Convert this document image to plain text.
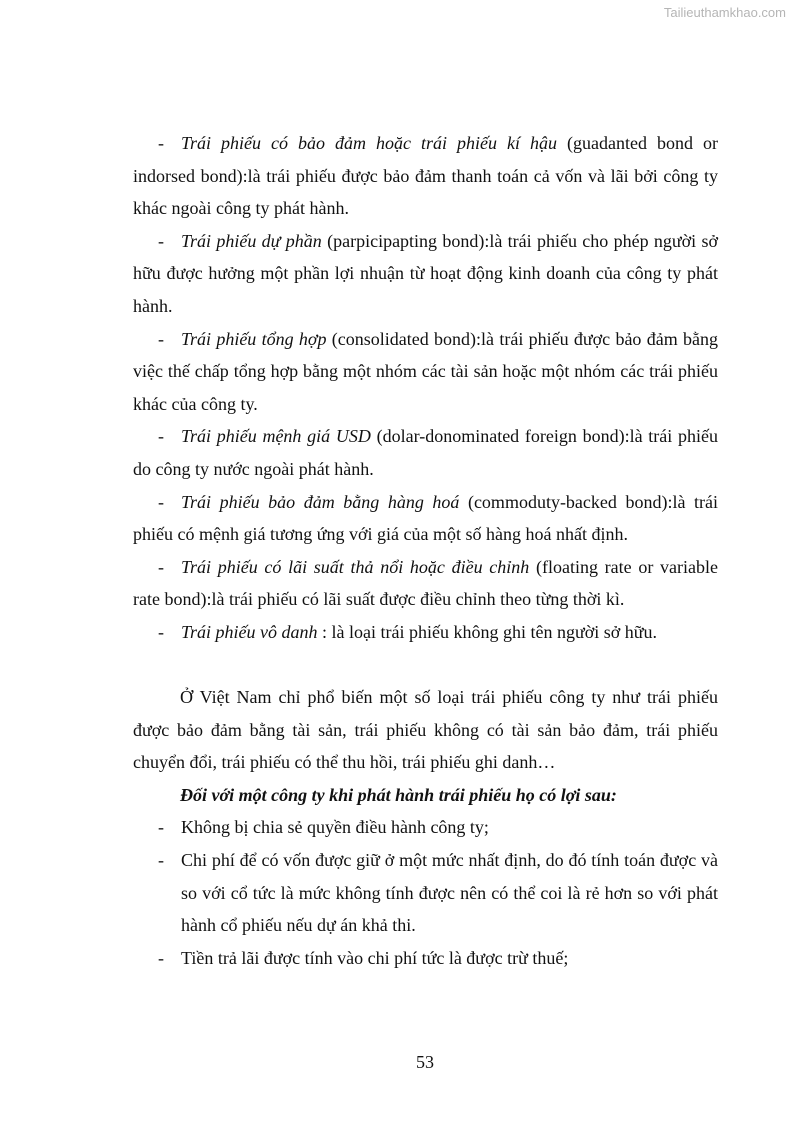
Tailieuthamkhao.com

- Trái phiếu có bảo đảm hoặc trái phiếu kí hậu (guadanted bond or indorsed bond):là trái phiếu được bảo đảm thanh toán cả vốn và lãi bởi công ty khác ngoài công ty phát hành.

- Trái phiếu dự phần (parpicipapting bond):là trái phiếu cho phép người sở hữu được hưởng một phần lợi nhuận từ hoạt động kinh doanh của công ty phát hành.

- Trái phiếu tổng hợp (consolidated bond):là trái phiếu được bảo đảm bằng việc thế chấp tổng hợp bằng một nhóm các tài sản hoặc một nhóm các trái phiếu khác của công ty.

- Trái phiếu mệnh giá USD (dolar-donominated foreign bond):là trái phiếu do công ty nước ngoài phát hành.

- Trái phiếu bảo đảm bằng hàng hoá (commoduty-backed bond):là trái phiếu có mệnh giá tương ứng với giá của một số hàng hoá nhất định.

- Trái phiếu có lãi suất thả nổi hoặc điều chỉnh (floating rate or variable rate bond):là trái phiếu có lãi suất được điều chỉnh theo từng thời kì.

- Trái phiếu vô danh : là loại trái phiếu không ghi tên người sở hữu.

Ở Việt Nam chỉ phổ biến một số loại trái phiếu công ty như trái phiếu được bảo đảm bằng tài sản, trái phiếu không có tài sản bảo đảm, trái phiếu chuyển đổi, trái phiếu có thể thu hồi, trái phiếu ghi danh…

Đối với một công ty khi phát hành trái phiếu họ có lợi sau:

- Không bị chia sẻ quyền điều hành công ty;

- Chi phí để có vốn được giữ ở một mức nhất định, do đó tính toán được và so với cổ tức là mức không tính được nên có thể coi là rẻ hơn so với phát hành cổ phiếu nếu dự án khả thi.

- Tiền trả lãi được tính vào chi phí tức là được trừ thuế;

53
